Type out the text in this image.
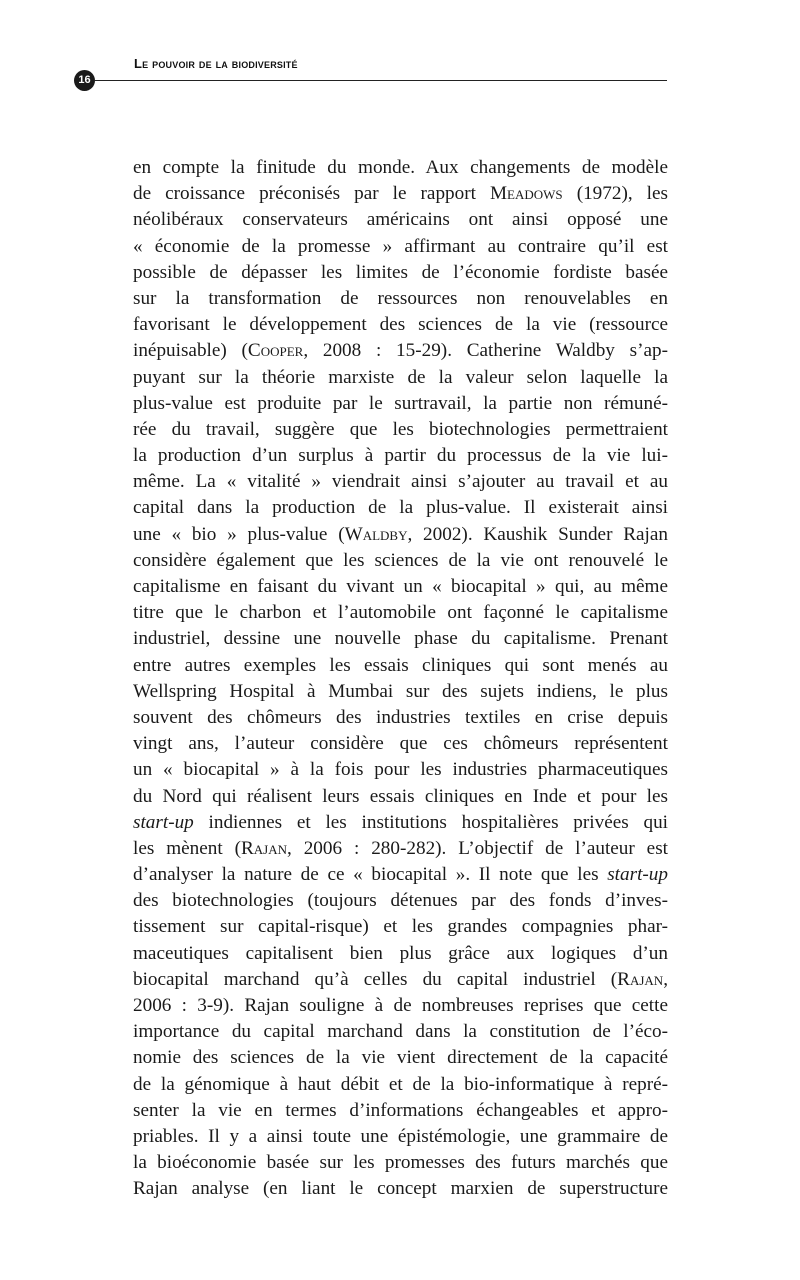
Le pouvoir de la biodiversité
16
en compte la finitude du monde. Aux changements de modèle
de croissance préconisés par le rapport Meadows (1972), les
néolibéraux conservateurs américains ont ainsi opposé une
« économie de la promesse » affirmant au contraire qu’il est
possible de dépasser les limites de l’économie fordiste basée
sur la transformation de ressources non renouvelables en
favorisant le développement des sciences de la vie (ressource
inépuisable) (Cooper, 2008 : 15-29). Catherine Waldby s’ap-
puyant sur la théorie marxiste de la valeur selon laquelle la
plus-value est produite par le surtravail, la partie non rémuné-
rée du travail, suggère que les biotechnologies permettraient
la production d’un surplus à partir du processus de la vie lui-
même. La « vitalité » viendrait ainsi s’ajouter au travail et au
capital dans la production de la plus-value. Il existerait ainsi
une « bio » plus-value (Waldby, 2002). Kaushik Sunder Rajan
considère également que les sciences de la vie ont renouvelé le
capitalisme en faisant du vivant un « biocapital » qui, au même
titre que le charbon et l’automobile ont façonné le capitalisme
industriel, dessine une nouvelle phase du capitalisme. Prenant
entre autres exemples les essais cliniques qui sont menés au
Wellspring Hospital à Mumbai sur des sujets indiens, le plus
souvent des chômeurs des industries textiles en crise depuis
vingt ans, l’auteur considère que ces chômeurs représentent
un « biocapital » à la fois pour les industries pharmaceutiques
du Nord qui réalisent leurs essais cliniques en Inde et pour les
start-up indiennes et les institutions hospitalières privées qui
les mènent (Rajan, 2006 : 280-282). L’objectif de l’auteur est
d’analyser la nature de ce « biocapital ». Il note que les start-up
des biotechnologies (toujours détenues par des fonds d’inves-
tissement sur capital-risque) et les grandes compagnies phar-
maceutiques capitalisent bien plus grâce aux logiques d’un
biocapital marchand qu’à celles du capital industriel (Rajan,
2006 : 3-9). Rajan souligne à de nombreuses reprises que cette
importance du capital marchand dans la constitution de l’éco-
nomie des sciences de la vie vient directement de la capacité
de la génomique à haut débit et de la bio-informatique à repré-
senter la vie en termes d’informations échangeables et appro-
priables. Il y a ainsi toute une épistémologie, une grammaire de
la bioéconomie basée sur les promesses des futurs marchés que
Rajan analyse (en liant le concept marxien de superstructure
